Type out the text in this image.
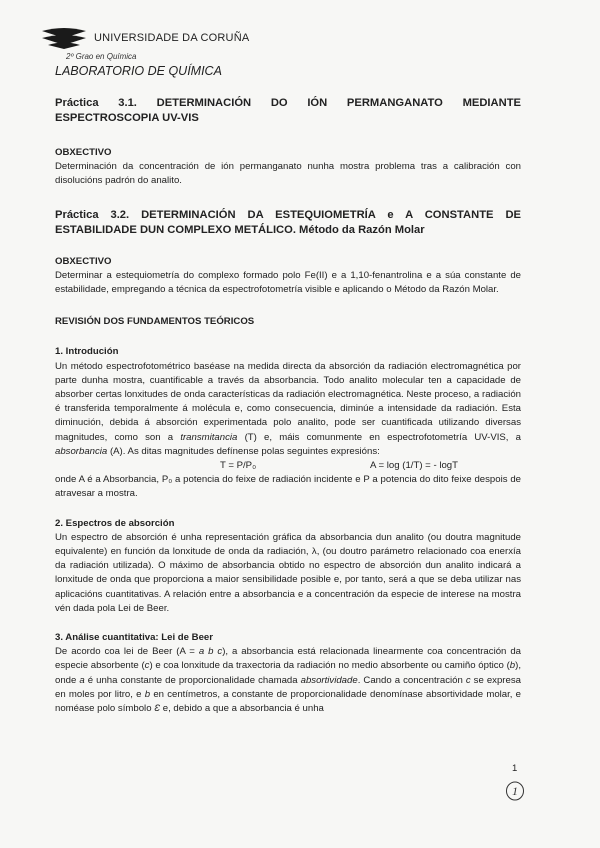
UNIVERSIDADE DA CORUÑA
2º Grao en Química
LABORATORIO DE QUÍMICA
Práctica 3.1. DETERMINACIÓN DO IÓN PERMANGANATO MEDIANTE
ESPECTROSCOPIA UV-VIS
OBXECTIVO

Determinación da concentración de ión permanganato nunha mostra problema tras a calibración con disolucións padrón do analito.

Práctica 3.2. DETERMINACIÓN DA ESTEQUIOMETRÍA e A CONSTANTE DE
ESTABILIDADE DUN COMPLEXO METÁLICO. Método da Razón Molar
OBXECTIVO

Determinar a estequiometría do complexo formado polo Fe(II) e a 1,10-fenantrolina e a súa constante de estabilidade, empregando a técnica da espectrofotometría visible e aplicando o Método da Razón Molar.

REVISIÓN DOS FUNDAMENTOS TEÓRICOS
1. Introdución

Un método espectrofotométrico baséase na medida directa da absorción da radiación electromagnética por parte dunha mostra, cuantificable a través da absorbancia. Todo analito molecular ten a capacidade de absorber certas lonxitudes de onda características da radiación electromagnética. Neste proceso, a radiación é transferida temporalmente á molécula e, como consecuencia, diminúe a intensidade da radiación. Esta diminución, debida á absorción experimentada polo analito, pode ser cuantificada utilizando diversas magnitudes, como son a transmitancia (T) e, máis comunmente en espectrofotometría UV-VIS, a absorbancia (A). As ditas magnitudes defínense polas seguintes expresións:

T = P/P₀	A = log (1/T) = - logT

onde A é a Absorbancia, P₀ a potencia do feixe de radiación incidente e P a potencia do dito feixe despois de atravesar a mostra.

2. Espectros de absorción

Un espectro de absorción é unha representación gráfica da absorbancia dun analito (ou doutra magnitude equivalente) en función da lonxitude de onda da radiación, λ, (ou doutro parámetro relacionado coa enerxía da radiación utilizada). O máximo de absorbancia obtido no espectro de absorción dun analito indicará a lonxitude de onda que proporciona a maior sensibilidade posible e, por tanto, será a que se deba utilizar nas aplicacións cuantitativas. A relación entre a absorbancia e a concentración da especie de interese na mostra vén dada pola Lei de Beer.

3. Análise cuantitativa: Lei de Beer

De acordo coa lei de Beer (A = a b c), a absorbancia está relacionada linearmente coa concentración da especie absorbente (c) e coa lonxitude da traxectoria da radiación no medio absorbente ou camiño óptico (b), onde a é unha constante de proporcionalidade chamada absortividade. Cando a concentración c se expresa en moles por litro, e b en centímetros, a constante de proporcionalidade denomínase absortividade molar, e noméase polo símbolo Ɛ e, debido a que a absorbancia é unha

1
1
